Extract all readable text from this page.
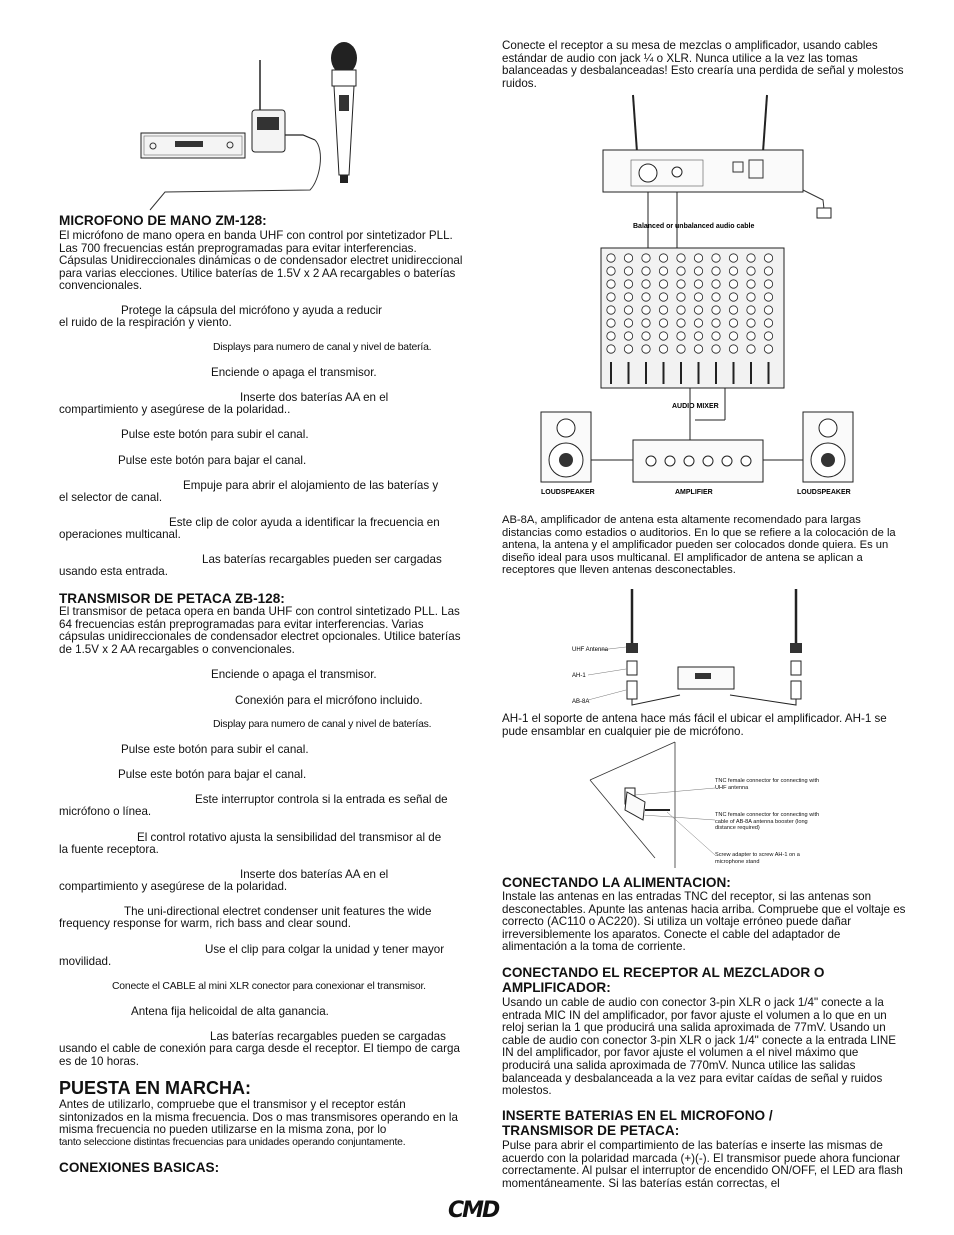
MICROFONO DE MANO ZM-128:

El micrófono de mano opera en banda UHF con control por sintetizador PLL. Las 700 frecuencias están preprogramadas para evitar interferencias. Cápsulas Unidireccionales dinámicas o de condensador electret unidireccional para varias elecciones. Utilice baterías de 1.5V x 2 AA recargables o baterías convencionales.

Protege la cápsula del micrófono y ayuda a reducir

el ruido de la respiración y viento.

Displays para numero de canal y nivel de batería.

Enciende o apaga el transmisor.

Inserte dos baterías AA en el

compartimiento y asegúrese de la polaridad..

Pulse este botón para subir el canal.

Pulse este botón para bajar el canal.

Empuje para abrir el alojamiento de las baterías y

el selector de canal.

Este clip de color ayuda a identificar la frecuencia en

operaciones multicanal.

Las baterías recargables pueden ser cargadas

usando esta entrada.

TRANSMISOR DE PETACA ZB-128:

El transmisor de petaca opera en banda UHF con control sintetizado PLL. Las 64 frecuencias están preprogramadas para evitar interferencias. Varias cápsulas unidireccionales de condensador electret opcionales. Utilice baterías de 1.5V x 2 AA recargables o convencionales.

Enciende o apaga el transmisor.

Conexión para el micrófono incluido.

Display para numero de canal y nivel de baterías.

Pulse este botón para subir el canal.

Pulse este botón para bajar el canal.

Este interruptor controla si la entrada es señal de

micrófono o línea.

El control rotativo ajusta la sensibilidad del transmisor al de

la fuente receptora.

Inserte dos baterías AA en el

compartimiento y asegúrese de la polaridad.

The uni-directional electret condenser unit features the wide

frequency response for warm, rich bass and clear sound.

Use el clip para colgar la unidad y tener mayor

movilidad.

Conecte el CABLE al mini XLR conector para conexionar el transmisor.

Antena fija helicoidal de alta ganancia.

Las baterías recargables pueden se cargadas

usando el cable de conexión para carga desde el receptor. El tiempo de carga es de 10 horas.

PUESTA EN MARCHA:

Antes de utilizarlo, compruebe que el transmisor y el receptor están sintonizados en la misma frecuencia. Dos o mas transmisores operando en la misma frecuencia no pueden utilizarse en la misma zona, por lo

tanto seleccione distintas frecuencias para unidades operando conjuntamente.

CONEXIONES BASICAS:

Conecte el receptor a su mesa de mezclas o amplificador, usando cables estándar de audio con jack ¼ o XLR. Nunca utilice a la vez las tomas balanceadas y desbalanceadas! Esto crearía una perdida de señal y molestos ruidos.

Balanced or unbalanced audio cable
AUDIO MIXER
LOUDSPEAKER	AMPLIFIER	LOUDSPEAKER

AB-8A, amplificador de antena esta altamente recomendado para largas distancias como estadios o auditorios. En lo que se refiere a la colocación de la antena, la antena y el amplificador pueden ser colocados donde quiera. Es un diseño ideal para usos multicanal. El amplificador de antena se aplican a receptores que lleven antenas desconectables.

UHF Antenna
AH-1
AB-8A

AH-1 el soporte de antena hace más fácil el ubicar el amplificador. AH-1 se pude ensamblar en cualquier pie de micrófono.

TNC female connector for connecting with UHF antenna
TNC female connector for connecting with cable of AB-8A antenna booster (long distance required)
Screw adapter to screw AH-1 on a microphone stand

CONECTANDO LA ALIMENTACION:

Instale las antenas en las entradas TNC del receptor, si las antenas son desconectables. Apunte las antenas hacia arriba. Compruebe que el voltaje es correcto (AC110 o AC220). Si utiliza un voltaje erróneo puede dañar irreversiblemente los aparatos. Conecte el cable del adaptador de alimentación a la toma de corriente.

CONECTANDO EL RECEPTOR AL MEZCLADOR O AMPLIFICADOR:

Usando un cable de audio con conector 3-pin XLR o jack 1/4" conecte a la entrada MIC IN del amplificador, por favor ajuste el volumen a lo que en un reloj serian la 1 que producirá una salida aproximada de 77mV. Usando un cable de audio con conector 3-pin XLR o jack 1/4" conecte a la entrada LINE IN del amplificador, por favor ajuste el volumen a el nivel máximo que producirá una salida aproximada de 770mV. Nunca utilice las salidas balanceada y desbalanceada a la vez para evitar caídas de señal y ruidos molestos.

INSERTE BATERIAS EN EL MICROFONO / TRANSMISOR DE PETACA:

Pulse para abrir el compartimiento de las baterías e inserte las mismas de acuerdo con la polaridad marcada (+)(-). El transmisor puede ahora funcionar correctamente. Al pulsar el interruptor de encendido ON/OFF, el LED ara flash momentáneamente. Si las baterías están correctas, el

CMD
